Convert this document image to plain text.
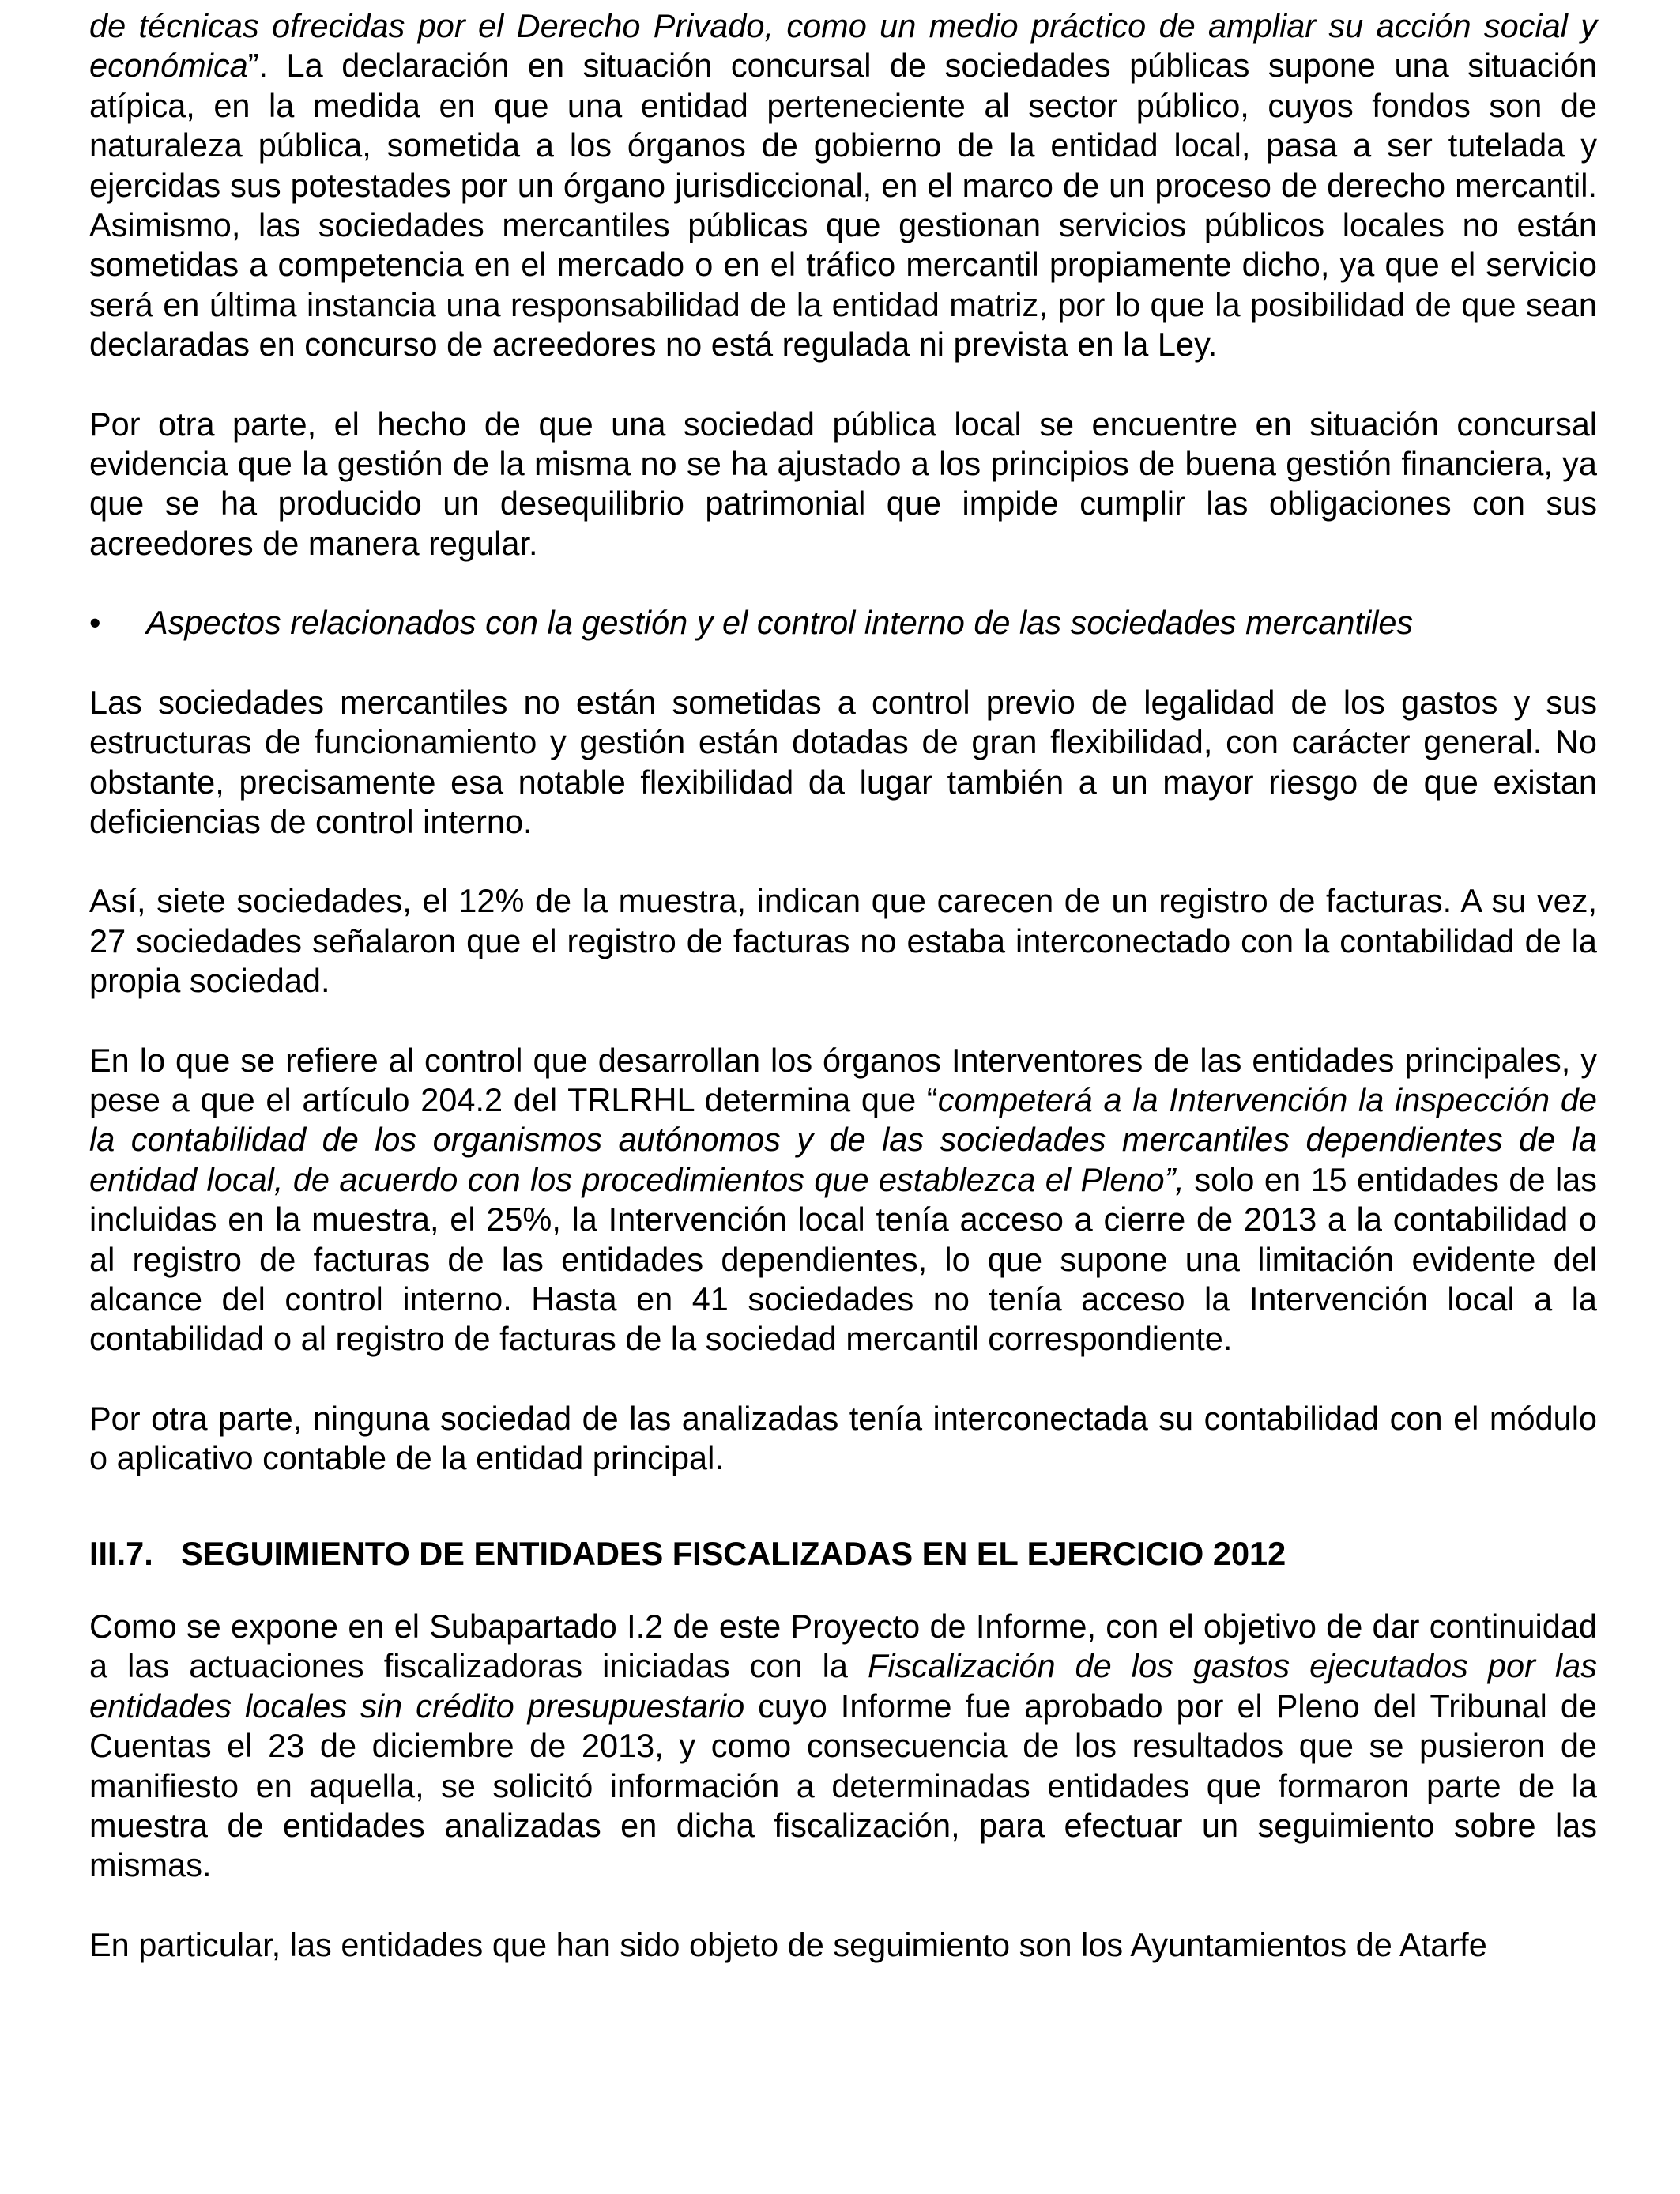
de técnicas ofrecidas por el Derecho Privado, como un medio práctico de ampliar su acción social y económica”. La declaración en situación concursal de sociedades públicas supone una situación atípica, en la medida en que una entidad perteneciente al sector público, cuyos fondos son de naturaleza pública, sometida a los órganos de gobierno de la entidad local, pasa a ser tutelada y ejercidas sus potestades por un órgano jurisdiccional, en el marco de un proceso de derecho mercantil. Asimismo, las sociedades mercantiles públicas que gestionan servicios públicos locales no están sometidas a competencia en el mercado o en el tráfico mercantil propiamente dicho, ya que el servicio será en última instancia una responsabilidad de la entidad matriz, por lo que la posibilidad de que sean declaradas en concurso de acreedores no está regulada ni prevista en la Ley.

Por otra parte, el hecho de que una sociedad pública local se encuentre en situación concursal evidencia que la gestión de la misma no se ha ajustado a los principios de buena gestión financiera, ya que se ha producido un desequilibrio patrimonial que impide cumplir las obligaciones con sus acreedores de manera regular.

•	Aspectos relacionados con la gestión y el control interno de las sociedades mercantiles

Las sociedades mercantiles no están sometidas a control previo de legalidad de los gastos y sus estructuras de funcionamiento y gestión están dotadas de gran flexibilidad, con carácter general. No obstante, precisamente esa notable flexibilidad da lugar también a un mayor riesgo de que existan deficiencias de control interno.

Así, siete sociedades, el 12% de la muestra, indican que carecen de un registro de facturas. A su vez, 27 sociedades señalaron que el registro de facturas no estaba interconectado con la contabilidad de la propia sociedad.

En lo que se refiere al control que desarrollan los órganos Interventores de las entidades principales, y pese a que el artículo 204.2 del TRLRHL determina que “competerá a la Intervención la inspección de la contabilidad de los organismos autónomos y de las sociedades mercantiles dependientes de la entidad local, de acuerdo con los procedimientos que establezca el Pleno”, solo en 15 entidades de las incluidas en la muestra, el 25%, la Intervención local tenía acceso a cierre de 2013 a la contabilidad o al registro de facturas de las entidades dependientes, lo que supone una limitación evidente del alcance del control interno. Hasta en 41 sociedades no tenía acceso la Intervención local a la contabilidad o al registro de facturas de la sociedad mercantil correspondiente.

Por otra parte, ninguna sociedad de las analizadas tenía interconectada su contabilidad con el módulo o aplicativo contable de la entidad principal.

III.7. SEGUIMIENTO DE ENTIDADES FISCALIZADAS EN EL EJERCICIO 2012

Como se expone en el Subapartado I.2 de este Proyecto de Informe, con el objetivo de dar continuidad a las actuaciones fiscalizadoras iniciadas con la Fiscalización de los gastos ejecutados por las entidades locales sin crédito presupuestario cuyo Informe fue aprobado por el Pleno del Tribunal de Cuentas el 23 de diciembre de 2013, y como consecuencia de los resultados que se pusieron de manifiesto en aquella, se solicitó información a determinadas entidades que formaron parte de la muestra de entidades analizadas en dicha fiscalización, para efectuar un seguimiento sobre las mismas.

En particular, las entidades que han sido objeto de seguimiento son los Ayuntamientos de Atarfe
